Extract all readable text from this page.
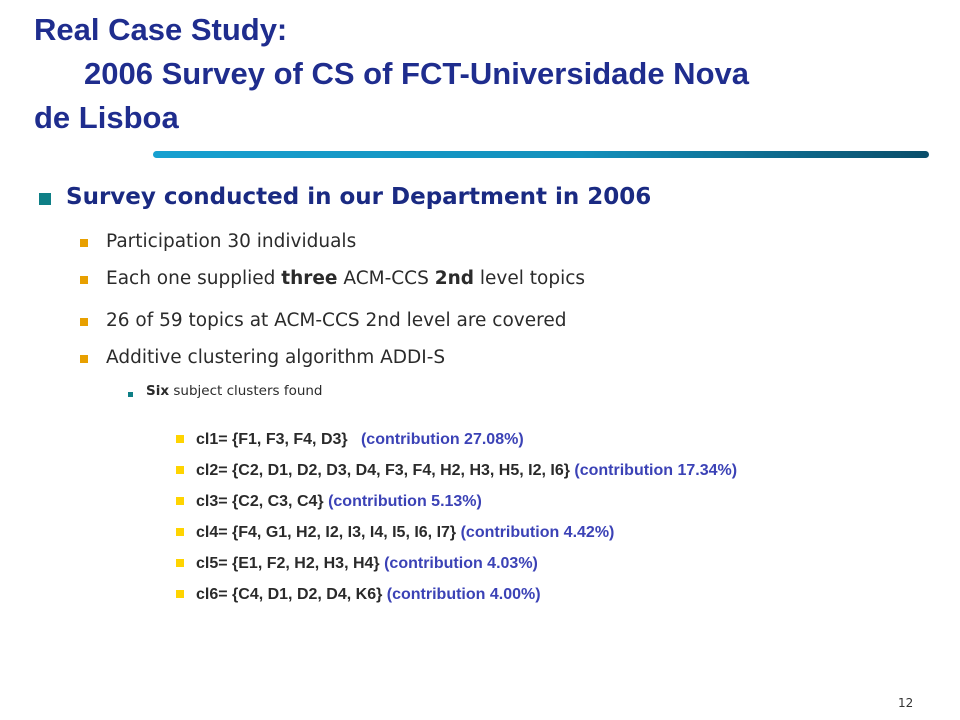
Real Case Study:
2006 Survey of CS of FCT-Universidade Nova
de Lisboa
Survey conducted in our Department in 2006
Participation 30 individuals
Each one supplied three ACM-CCS 2nd level topics
26 of 59 topics at ACM-CCS 2nd level are covered
Additive clustering algorithm ADDI-S
Six subject clusters found
cl1= {F1, F3, F4, D3}   (contribution 27.08%)
cl2= {C2, D1, D2, D3, D4, F3, F4, H2, H3, H5, I2, I6} (contribution 17.34%)
cl3= {C2, C3, C4} (contribution 5.13%)
cl4= {F4, G1, H2, I2, I3, I4, I5, I6, I7} (contribution 4.42%)
cl5= {E1, F2, H2, H3, H4} (contribution 4.03%)
cl6= {C4, D1, D2, D4, K6} (contribution 4.00%)
12
